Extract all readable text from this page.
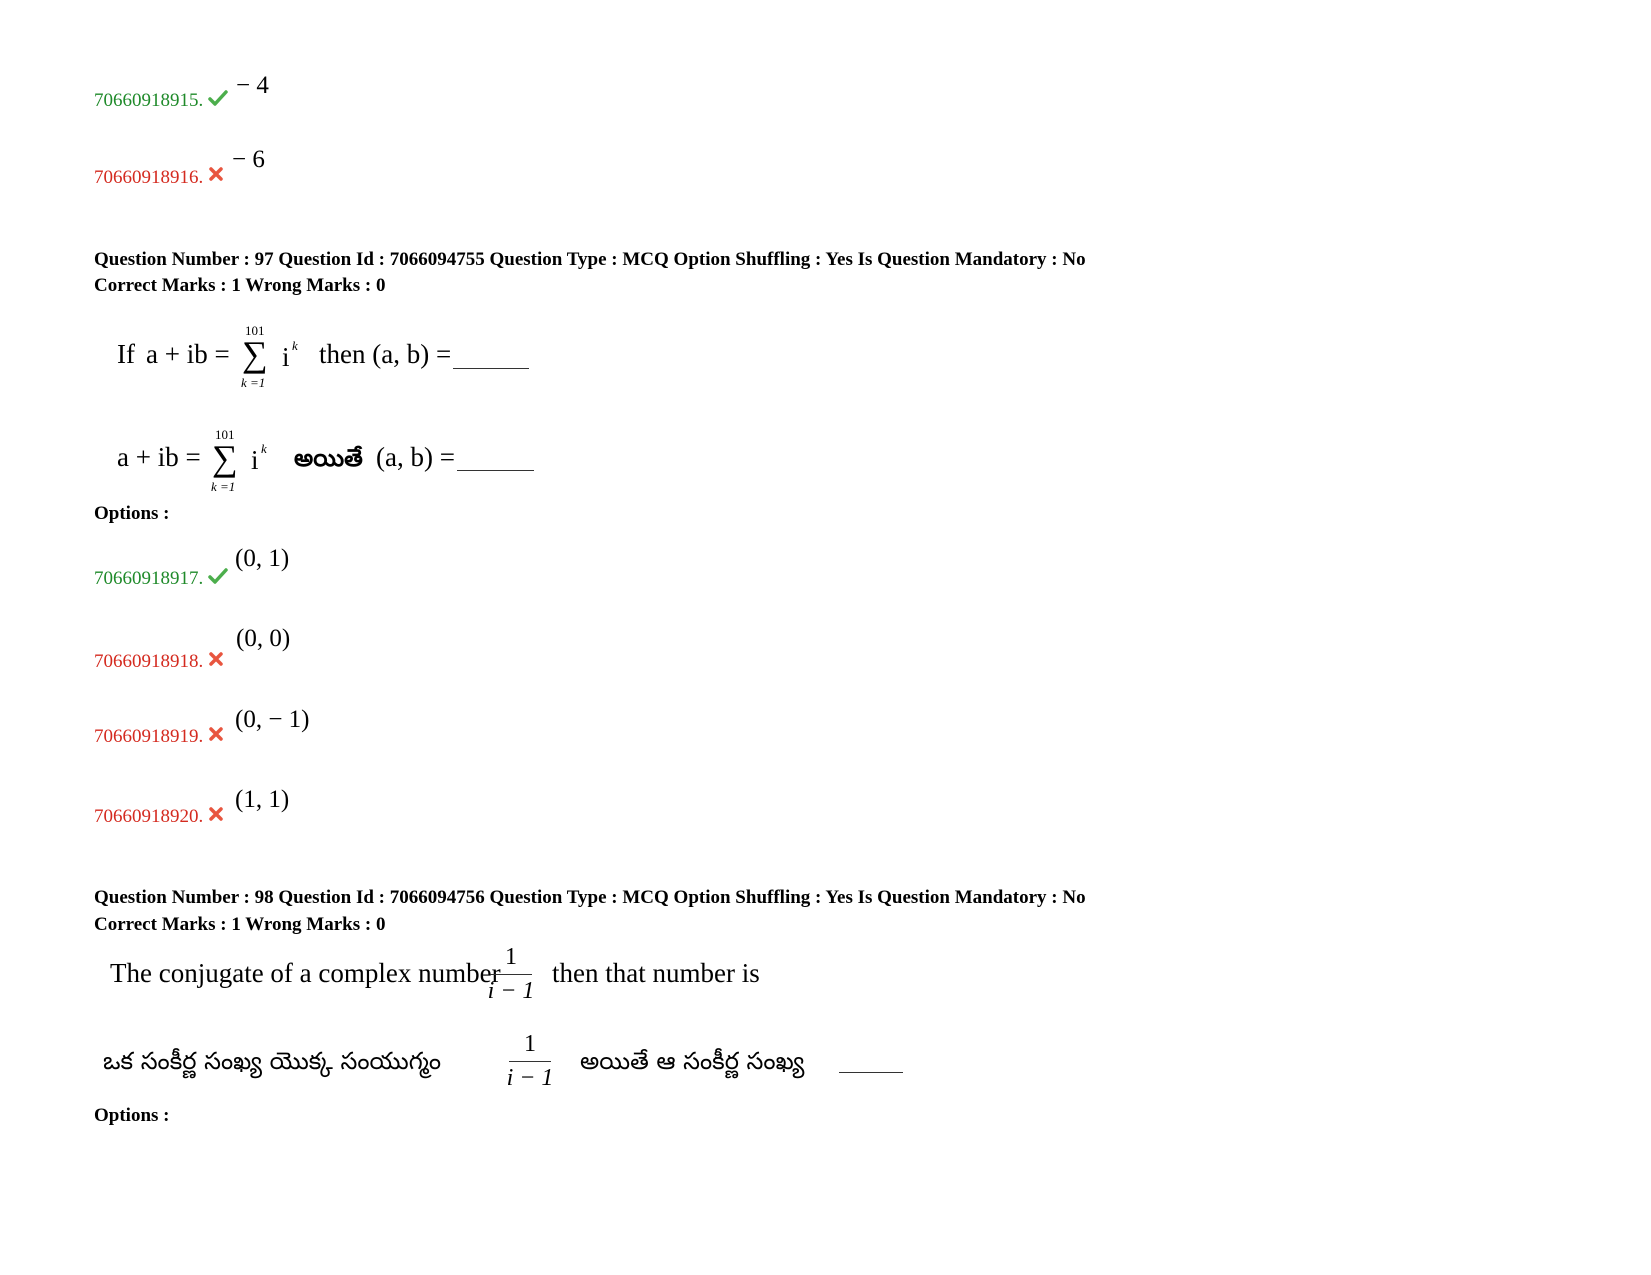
70660918915.
− 4
70660918916.
− 6
Question Number : 97 Question Id : 7066094755 Question Type : MCQ Option Shuffling : Yes Is Question Mandatory : No
Correct Marks : 1 Wrong Marks : 0
If a + ib =
101
∑
k =1
i k then (a, b) =
a + ib =
101
∑
k =1
i k అయితే (a, b) =
Options :
70660918917.
(0, 1)
70660918918.
(0, 0)
70660918919.
(0, − 1)
70660918920.
(1, 1)
Question Number : 98 Question Id : 7066094756 Question Type : MCQ Option Shuffling : Yes Is Question Mandatory : No
Correct Marks : 1 Wrong Marks : 0
The conjugate of a complex number
1
i − 1
then that number is
ఒక సంకీర్ణ సంఖ్య యొక్క సంయుగ్మం
1
i − 1
అయితే ఆ సంకీర్ణ సంఖ్య
Options :
